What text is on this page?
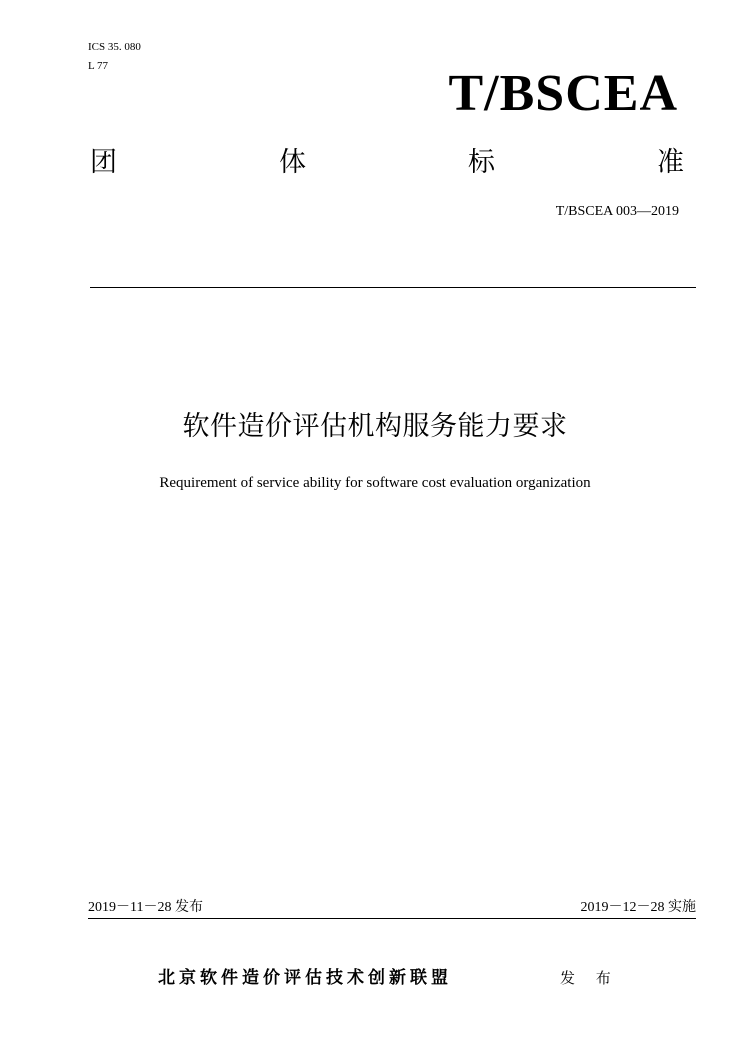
ICS 35. 080
L 77	T/BSCEA
团	体	标	准
T/BSCEA 003—2019
软件造价评估机构服务能力要求
Requirement of service ability for software cost evaluation organization
2019－11－28 发布	2019－12－28 实施
北京软件造价评估技术创新联盟	发 布
